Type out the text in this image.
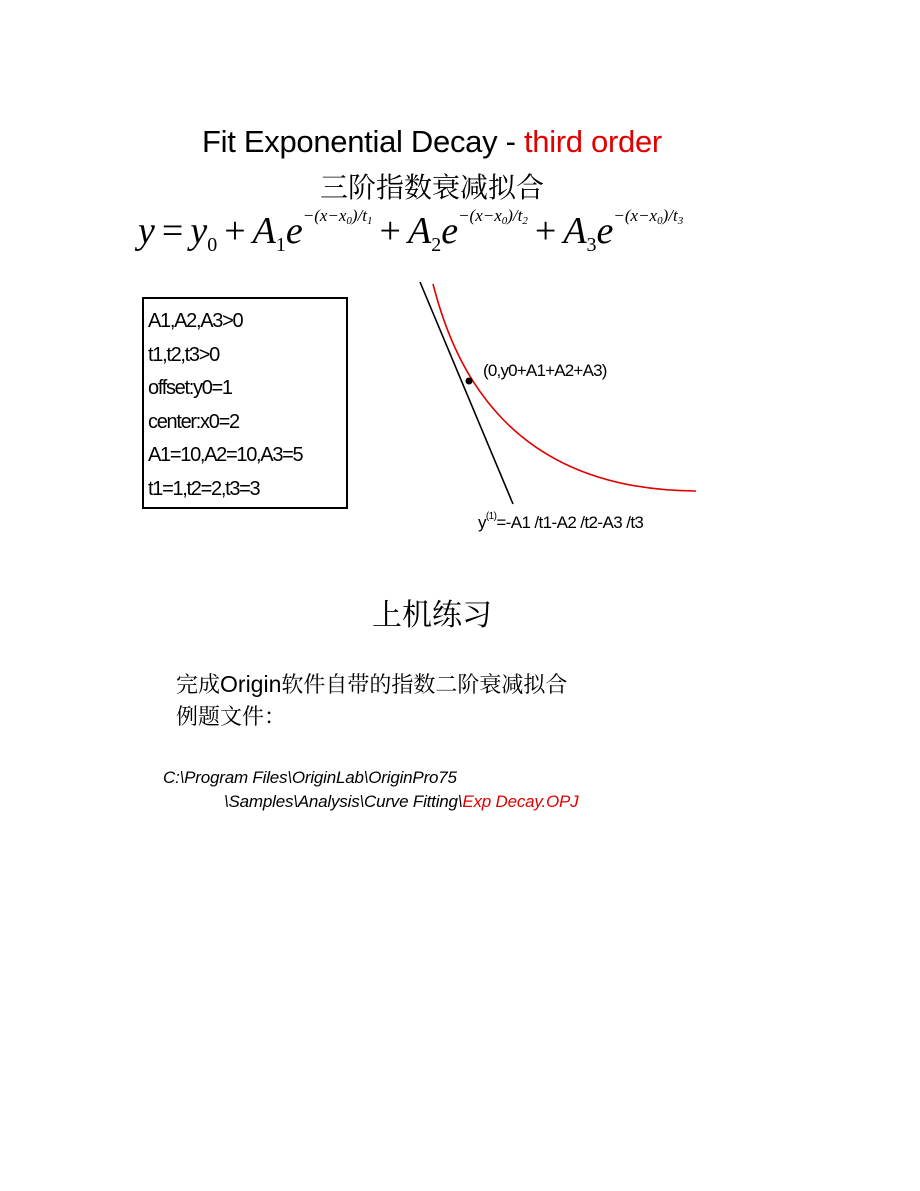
Fit Exponential Decay - third order
三阶指数衰减拟合
$y = y_0 + A_1e^{-(x-x0)/t1} + A_2e^{-(x-x0)/t2} + A_3e^{-(x-x0)/t3}$
A1,A2,A3>0
t1,t2,t3>0
offset:y0=1
center:x0=2
A1=10,A2=10,A3=5
t1=1,t2=2,t3=3
(0,y0+A1+A2+A3)
$y^{(1)}=-A1$ /t1-A2 /t2-A3 /t3
上机练习
完成Origin软件自带的指数二阶衰减拟合
例题文件：
C:\Program Files\OriginLab\OriginPro75
\Samples\Analysis\Curve Fitting\Exp Decay.OPJ
